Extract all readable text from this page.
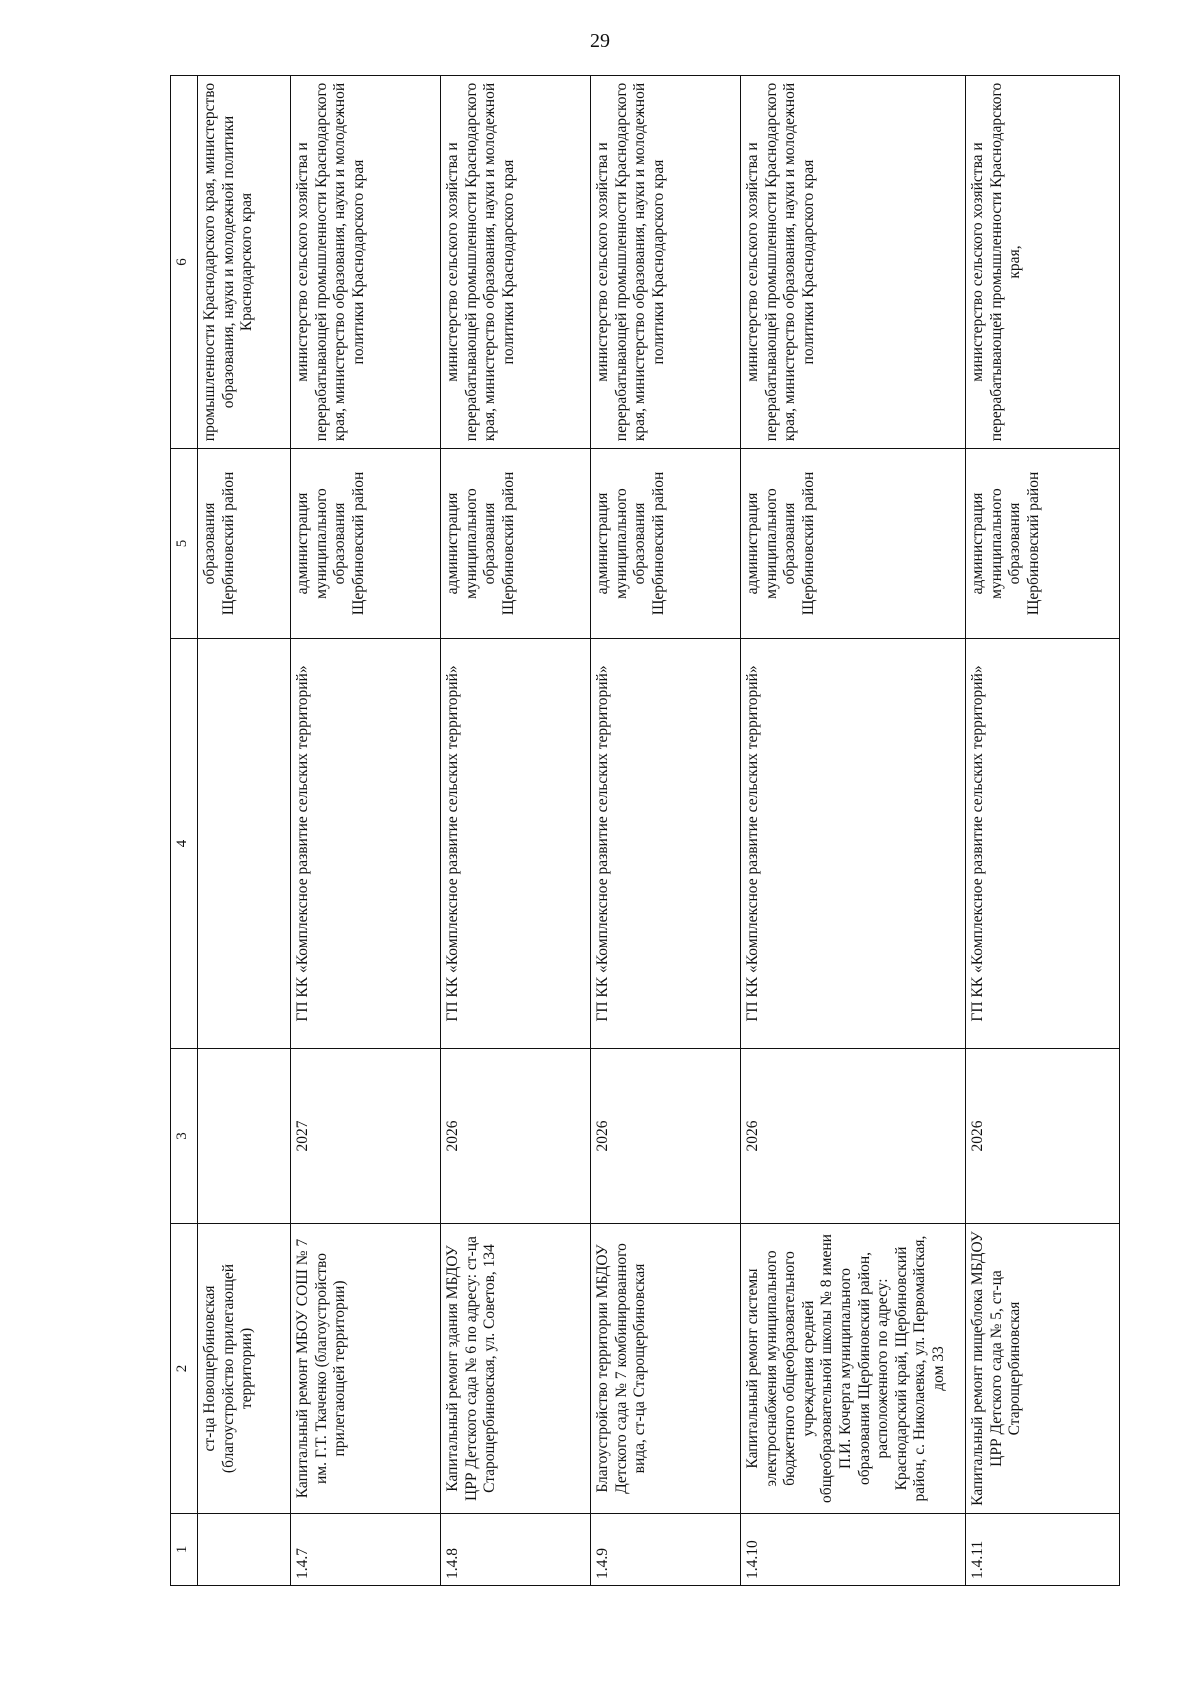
29
1	2	3	4	5	6
	ст-ца Новощербиновская (благоустройство прилегающей территории)			образования Щербиновский район	промышленности Краснодарского края, министерство образования, науки и молодежной политики Краснодарского края
1.4.7	Капитальный ремонт МБОУ СОШ № 7 им. Г.Т. Ткаченко (благоустройство прилегающей территории)	2027	ГП КК «Комплексное развитие сельских территорий»	администрация муниципального образования Щербиновский район	министерство сельского хозяйства и перерабатывающей промышленности Краснодарского края, министерство образования, науки и молодежной политики Краснодарского края
1.4.8	Капитальный ремонт здания МБДОУ ЦРР Детского сада № 6 по адресу: ст-ца Старощербиновская, ул. Советов, 134	2026	ГП КК «Комплексное развитие сельских территорий»	администрация муниципального образования Щербиновский район	министерство сельского хозяйства и перерабатывающей промышленности Краснодарского края, министерство образования, науки и молодежной политики Краснодарского края
1.4.9	Благоустройство территории МБДОУ Детского сада № 7 комбинированного вида, ст-ца Старощербиновская	2026	ГП КК «Комплексное развитие сельских территорий»	администрация муниципального образования Щербиновский район	министерство сельского хозяйства и перерабатывающей промышленности Краснодарского края, министерство образования, науки и молодежной политики Краснодарского края
1.4.10	Капитальный ремонт системы электроснабжения муниципального бюджетного общеобразовательного учреждения средней общеобразовательной школы № 8 имени П.И. Кочерга муниципального образования Щербиновский район, расположенного по адресу: Краснодарский край, Щербиновский район, с. Николаевка, ул. Первомайская, дом 33	2026	ГП КК «Комплексное развитие сельских территорий»	администрация муниципального образования Щербиновский район	министерство сельского хозяйства и перерабатывающей промышленности Краснодарского края, министерство образования, науки и молодежной политики Краснодарского края
1.4.11	Капитальный ремонт пищеблока МБДОУ ЦРР Детского сада № 5, ст-ца Старощербиновская	2026	ГП КК «Комплексное развитие сельских территорий»	администрация муниципального образования Щербиновский район	министерство сельского хозяйства и перерабатывающей промышленности Краснодарского края,
